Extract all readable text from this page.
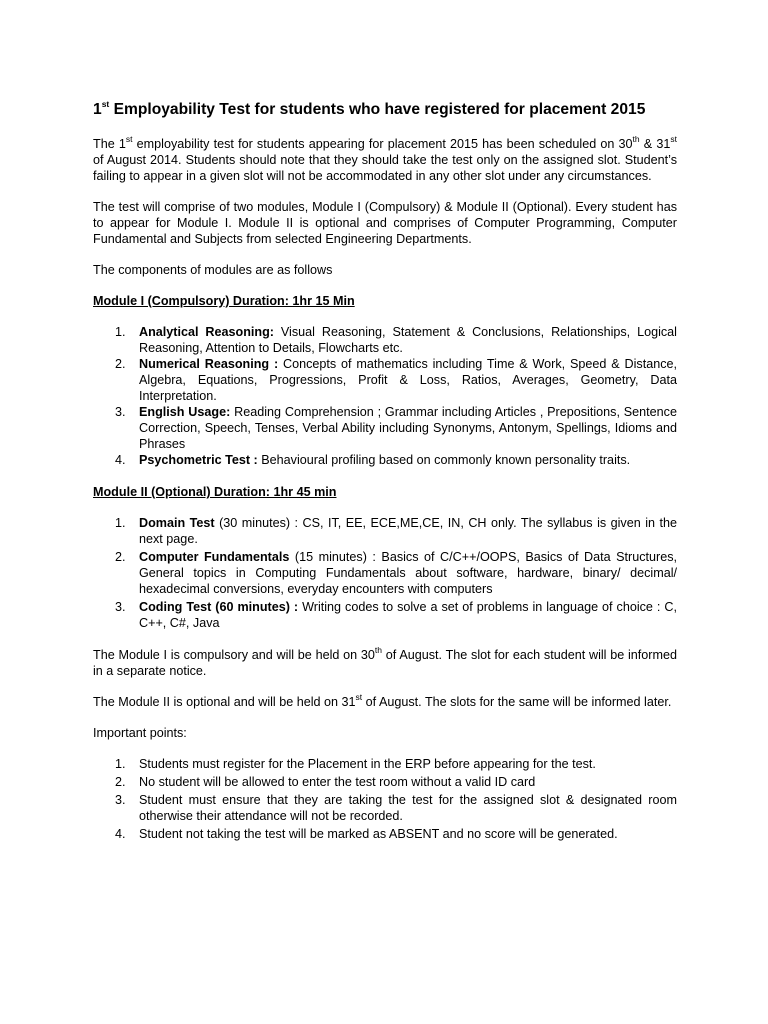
1st Employability Test for students who have registered for placement 2015

The 1st employability test for students appearing for placement 2015 has been scheduled on 30th & 31st of August 2014. Students should note that they should take the test only on the assigned slot. Student’s failing to appear in a given slot will not be accommodated in any other slot under any circumstances.

The test will comprise of two modules, Module I (Compulsory) & Module II (Optional). Every student has to appear for Module I. Module II is optional and comprises of Computer Programming, Computer Fundamental and Subjects from selected Engineering Departments.

The components of modules are as follows

Module I (Compulsory) Duration: 1hr 15 Min
1. Analytical Reasoning: Visual Reasoning, Statement & Conclusions, Relationships, Logical Reasoning, Attention to Details, Flowcharts etc.
2. Numerical Reasoning : Concepts of mathematics including Time & Work, Speed & Distance, Algebra, Equations, Progressions, Profit & Loss, Ratios, Averages, Geometry, Data Interpretation.
3. English Usage: Reading Comprehension ; Grammar including Articles , Prepositions, Sentence Correction, Speech, Tenses, Verbal Ability including Synonyms, Antonym, Spellings, Idioms and Phrases
4. Psychometric Test : Behavioural profiling based on commonly known personality traits.
Module II (Optional) Duration: 1hr 45 min
1. Domain Test (30 minutes) : CS, IT, EE, ECE,ME,CE, IN, CH only. The syllabus is given in the next page.
2. Computer Fundamentals (15 minutes) : Basics of C/C++/OOPS, Basics of Data Structures, General topics in Computing Fundamentals about software, hardware, binary/ decimal/ hexadecimal conversions, everyday encounters with computers
3. Coding Test (60 minutes) : Writing codes to solve a set of problems in language of choice : C, C++, C#, Java

The Module I is compulsory and will be held on 30th of August. The slot for each student will be informed in a separate notice.

The Module II is optional and will be held on 31st of August. The slots for the same will be informed later.

Important points:

1. Students must register for the Placement in the ERP before appearing for the test.
2. No student will be allowed to enter the test room without a valid ID card
3. Student must ensure that they are taking the test for the assigned slot & designated room otherwise their attendance will not be recorded.
4. Student not taking the test will be marked as ABSENT and no score will be generated.
